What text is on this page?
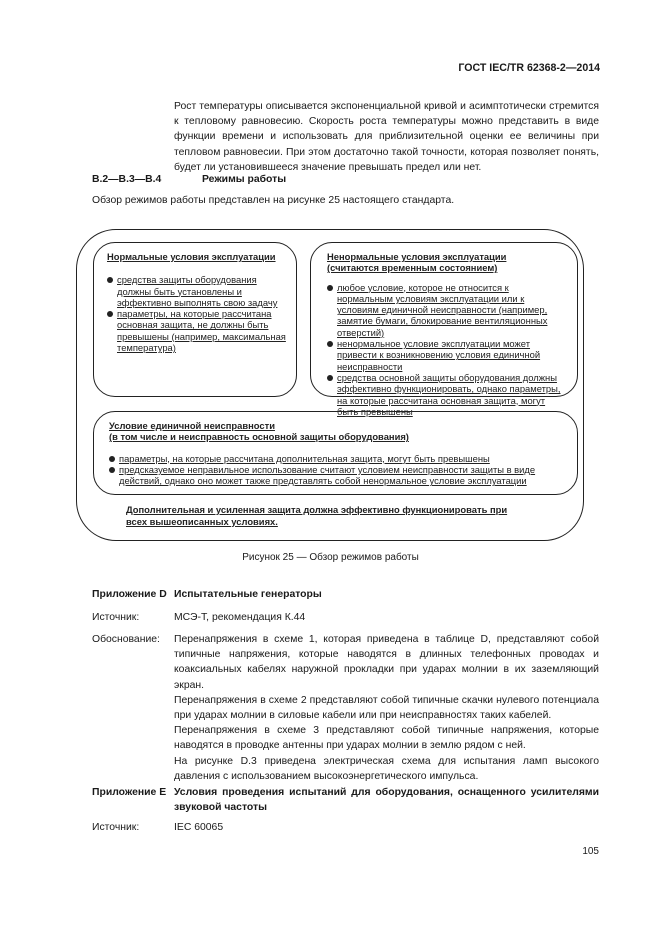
ГОСТ IEC/TR 62368-2—2014

Рост температуры описывается экспоненциальной кривой и асимптотически стремится к тепловому равновесию. Скорость роста температуры можно представить в виде функции времени и использовать для приблизительной оценки ее величины при тепловом равновесии. При этом достаточно такой точности, которая позволяет понять, будет ли установившееся значение превышать предел или нет.

В.2—В.3—В.4	Режимы работы

Обзор режимов работы представлен на рисунке 25 настоящего стандарта.

Нормальные условия эксплуатации
средства защиты оборудования должны быть установлены и эффективно выполнять свою задачу
параметры, на которые рассчитана основная защита, не должны быть превышены (например, максимальная температура)
Ненормальные условия эксплуатации
(считаются временным состоянием)
любое условие, которое не относится к нормальным условиям эксплуатации или к условиям единичной неисправности (например, замятие бумаги, блокирование вентиляционных отверстий)
ненормальное условие эксплуатации может привести к возникновению условия единичной неисправности
средства основной защиты оборудования должны эффективно функционировать, однако параметры, на которые рассчитана основная защита, могут быть превышены
Условие единичной неисправности
(в том числе и неисправность основной защиты оборудования)
параметры, на которые рассчитана дополнительная защита, могут быть превышены
предсказуемое неправильное использование считают условием неисправности защиты в виде действий, однако оно может также представлять собой ненормальное условие эксплуатации
Дополнительная и усиленная защита должна эффективно функционировать при всех вышеописанных условиях.
Рисунок 25 — Обзор режимов работы
Приложение D Испытательные генераторы
Источник:	МСЭ-Т, рекомендация К.44
Обоснование: Перенапряжения в схеме 1, которая приведена в таблице D, представляют собой типичные напряжения, которые наводятся в длинных телефонных проводах и коаксиальных кабелях наружной прокладки при ударах молнии в их заземляющий экран.

Перенапряжения в схеме 2 представляют собой типичные скачки нулевого потенциала при ударах молнии в силовые кабели или при неисправностях таких кабелей.

Перенапряжения в схеме 3 представляют собой типичные напряжения, которые наводятся в проводке антенны при ударах молнии в землю рядом с ней.

На рисунке D.3 приведена электрическая схема для испытания ламп высокого давления с использованием высокоэнергетического импульса.

Приложение Е Условия проведения испытаний для оборудования, оснащенного усилителями звуковой частоты
Источник:	IEC 60065
105
